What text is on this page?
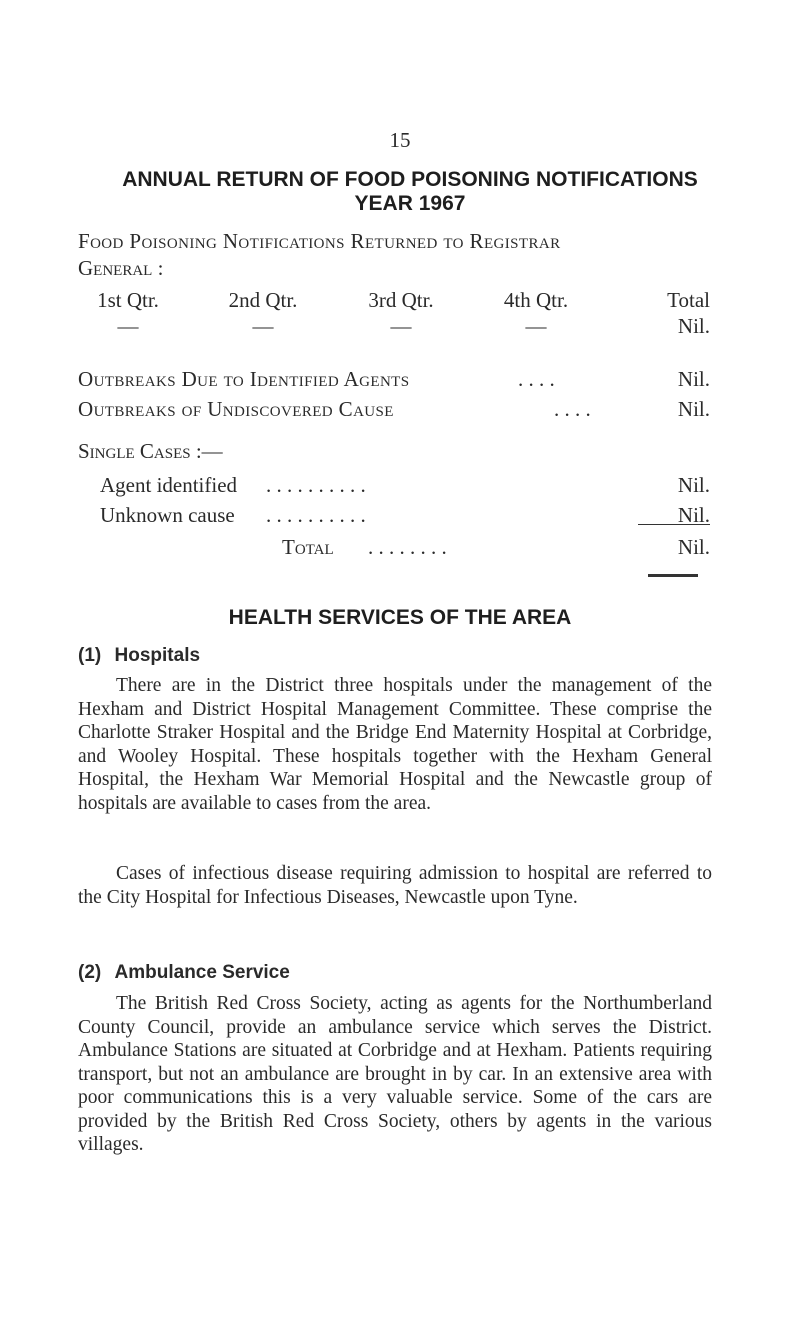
15
ANNUAL RETURN OF FOOD POISONING NOTIFICATIONS
YEAR 1967
Food Poisoning Notifications Returned to Registrar
General :
1st Qtr.	2nd Qtr.	3rd Qtr.	4th Qtr.	Total
—	—	—	—	Nil.
Outbreaks Due to Identified Agents	. . . .	Nil.
Outbreaks of Undiscovered Cause	. . . .	Nil.
Single Cases :—
Agent identified . . . . . . . . . .	Nil.
Unknown cause . . . . . . . . . .	Nil.
Total . . . . . . . .	Nil.
HEALTH SERVICES OF THE AREA
(1) Hospitals

There are in the District three hospitals under the management of the Hexham and District Hospital Management Committee. These comprise the Charlotte Straker Hospital and the Bridge End Maternity Hospital at Corbridge, and Wooley Hospital. These hospitals together with the Hexham General Hospital, the Hexham War Memorial Hospital and the Newcastle group of hospitals are available to cases from the area.

Cases of infectious disease requiring admission to hospital are referred to the City Hospital for Infectious Diseases, Newcastle upon Tyne.

(2) Ambulance Service

The British Red Cross Society, acting as agents for the Northumberland County Council, provide an ambulance service which serves the District. Ambulance Stations are situated at Corbridge and at Hexham. Patients requiring transport, but not an ambulance are brought in by car. In an extensive area with poor communications this is a very valuable service. Some of the cars are provided by the British Red Cross Society, others by agents in the various villages.
